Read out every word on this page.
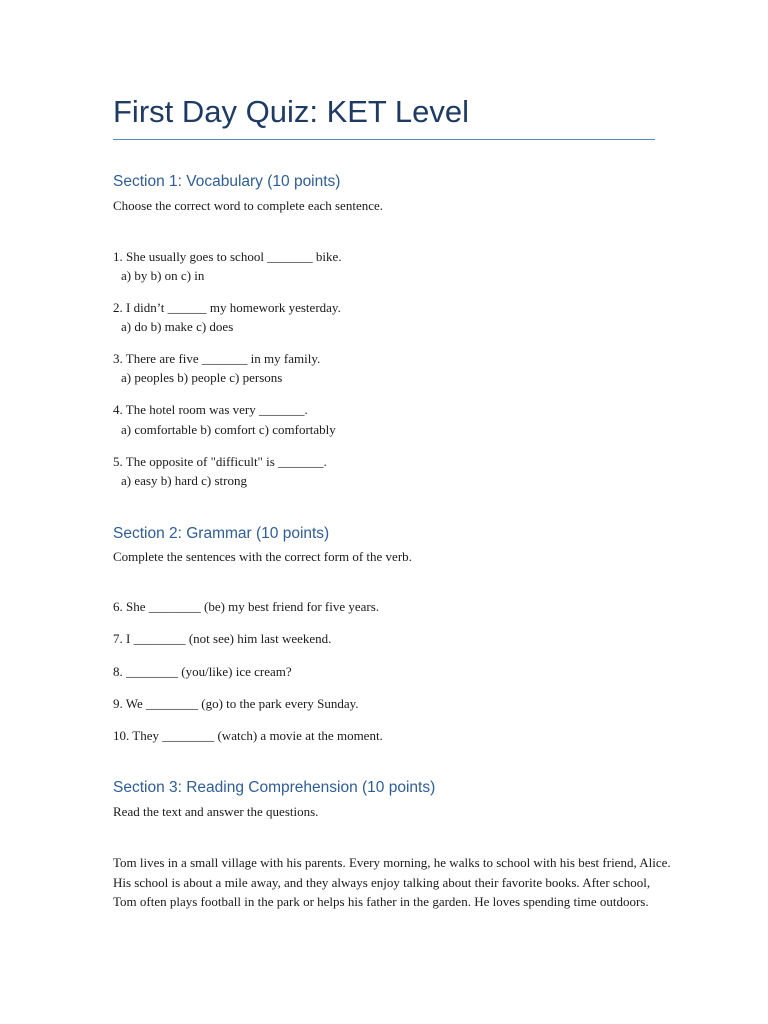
First Day Quiz: KET Level
Section 1: Vocabulary (10 points)

Choose the correct word to complete each sentence.

1. She usually goes to school _______ bike.

a) by b) on c) in

2. I didn’t ______ my homework yesterday.

a) do b) make c) does

3. There are five _______ in my family.

a) peoples b) people c) persons

4. The hotel room was very _______.

a) comfortable b) comfort c) comfortably

5. The opposite of "difficult" is _______.

a) easy b) hard c) strong

Section 2: Grammar (10 points)

Complete the sentences with the correct form of the verb.

6. She ________ (be) my best friend for five years.

7. I ________ (not see) him last weekend.

8. ________ (you/like) ice cream?

9. We ________ (go) to the park every Sunday.

10. They ________ (watch) a movie at the moment.

Section 3: Reading Comprehension (10 points)

Read the text and answer the questions.

Tom lives in a small village with his parents. Every morning, he walks to school with his best friend, Alice. His school is about a mile away, and they always enjoy talking about their favorite books. After school, Tom often plays football in the park or helps his father in the garden. He loves spending time outdoors.
